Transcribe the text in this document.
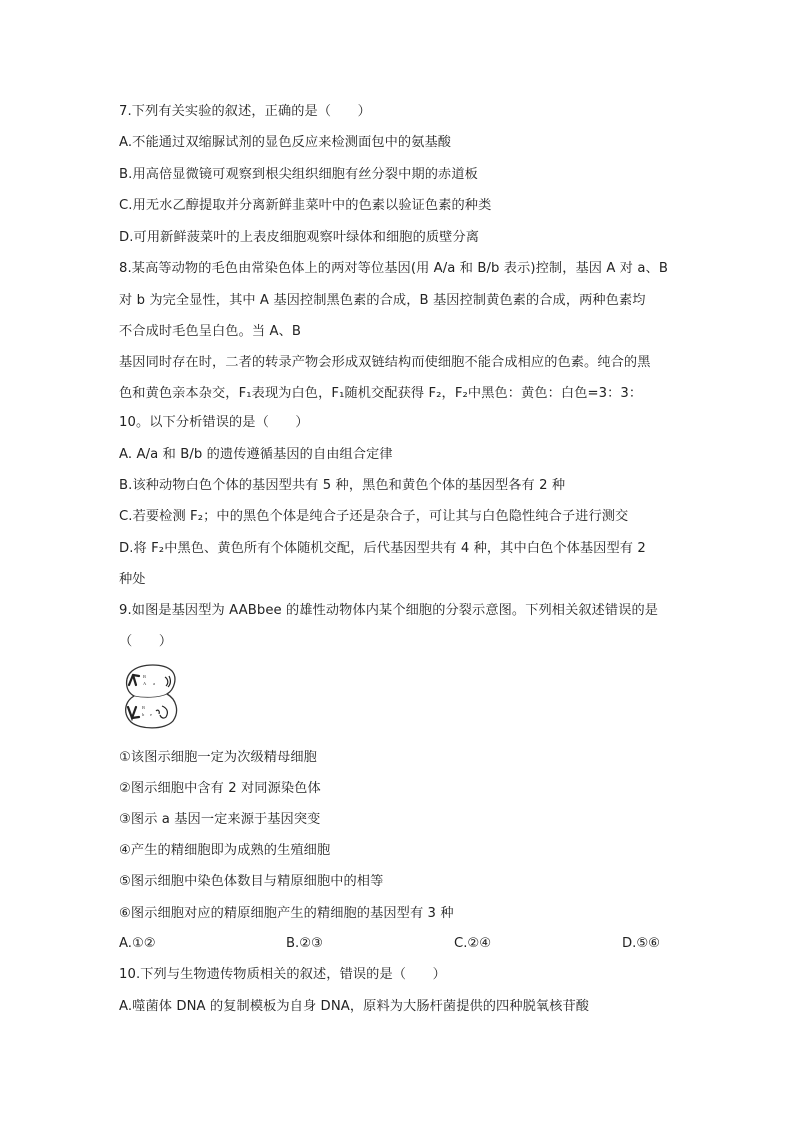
7.下列有关实验的叙述，正确的是（　　）
A.不能通过双缩脲试剂的显色反应来检测面包中的氨基酸
B.用高倍显微镜可观察到根尖组织细胞有丝分裂中期的赤道板
C.用无水乙醇提取并分离新鲜韭菜叶中的色素以验证色素的种类
D.可用新鲜菠菜叶的上表皮细胞观察叶绿体和细胞的质壁分离
8.某高等动物的毛色由常染色体上的两对等位基因(用 A/a 和 B/b 表示)控制，基因 A 对 a、B
对 b 为完全显性，其中 A 基因控制黑色素的合成，B 基因控制黄色素的合成，两种色素均
不合成时毛色呈白色。当 A、B
基因同时存在时，二者的转录产物会形成双链结构而使细胞不能合成相应的色素。纯合的黑
色和黄色亲本杂交，F₁表现为白色，F₁随机交配获得 F₂，F₂中黑色：黄色：白色=3：3：
10。以下分析错误的是（　　）
A. A/a 和 B/b 的遗传遵循基因的自由组合定律
B.该种动物白色个体的基因型共有 5 种，黑色和黄色个体的基因型各有 2 种
C.若要检测 F₂；中的黑色个体是纯合子还是杂合子，可让其与白色隐性纯合子进行测交
D.将 F₂中黑色、黄色所有个体随机交配，后代基因型共有 4 种，其中白色个体基因型有 2
种处
9.如图是基因型为 AABbee 的雄性动物体内某个细胞的分裂示意图。下列相关叙述错误的是
（　　）
B
A a
B
b e
①该图示细胞一定为次级精母细胞
②图示细胞中含有 2 对同源染色体
③图示 a 基因一定来源于基因突变
④产生的精细胞即为成熟的生殖细胞
⑤图示细胞中染色体数目与精原细胞中的相等
⑥图示细胞对应的精原细胞产生的精细胞的基因型有 3 种
A.①②	B.②③	C.②④	D.⑤⑥
10.下列与生物遗传物质相关的叙述，错误的是（　　）
A.噬菌体 DNA 的复制模板为自身 DNA，原料为大肠杆菌提供的四种脱氧核苷酸
